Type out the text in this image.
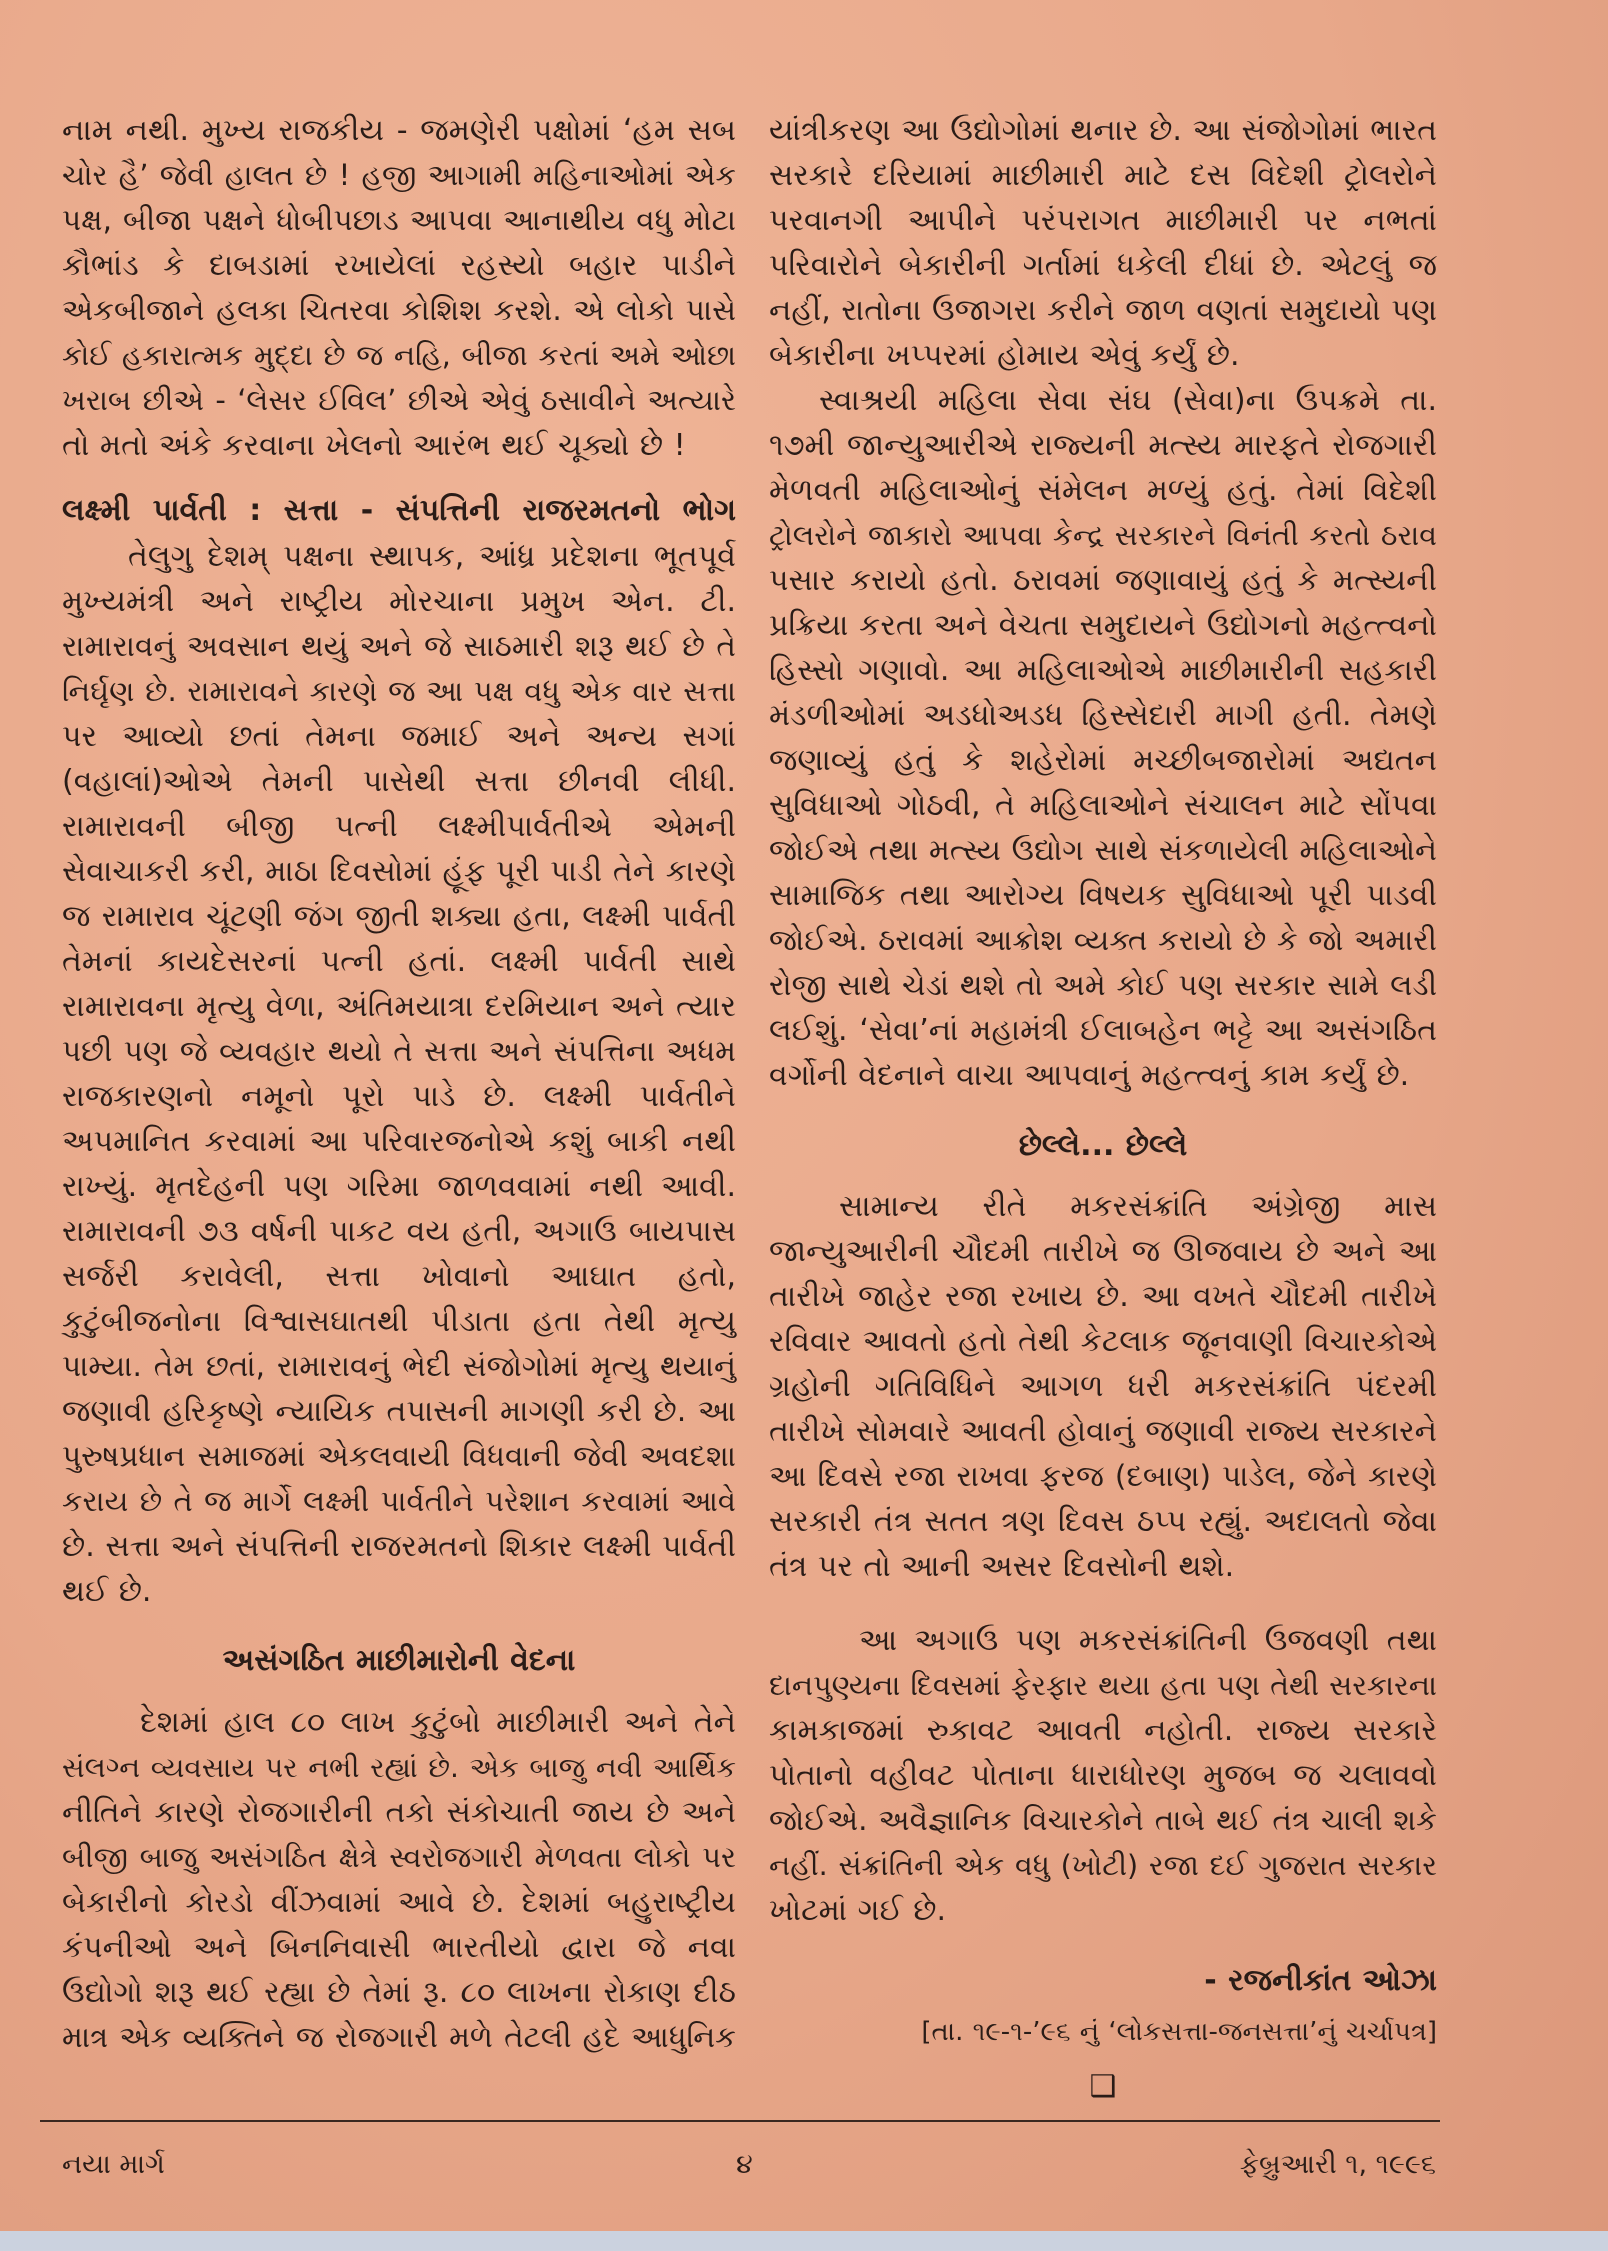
નામ નથી. મુખ્ય રાજકીય - જમણેરી પક્ષોમાં ‘હમ સબ
ચોર હૈ’ જેવી હાલત છે ! હજી આગામી મહિનાઓમાં એક
પક્ષ, બીજા પક્ષને ધોબીપછાડ આપવા આનાથીય વધુ મોટા
કૌભાંડ કે દાબડામાં રખાયેલાં રહસ્યો બહાર પાડીને
એકબીજાને હલકા ચિતરવા કોશિશ કરશે. એ લોકો પાસે
કોઈ હકારાત્મક મુદ્દા છે જ નહિ, બીજા કરતાં અમે ઓછા
ખરાબ છીએ - ‘લેસર ઈવિલ’ છીએ એવું ઠસાવીને અત્યારે
તો મતો અંકે કરવાના ખેલનો આરંભ થઈ ચૂક્યો છે !
લક્ષ્મી પાર્વતી : સત્તા - સંપત્તિની રાજરમતનો ભોગ
તેલુગુ દેશમ્ પક્ષના સ્થાપક, આંધ્ર પ્રદેશના ભૂતપૂર્વ
મુખ્યમંત્રી અને રાષ્ટ્રીય મોરચાના પ્રમુખ એન. ટી.
રામારાવનું અવસાન થયું અને જે સાઠમારી શરૂ થઈ છે તે
નિર્ઘૃણ છે. રામારાવને કારણે જ આ પક્ષ વધુ એક વાર સત્તા
પર આવ્યો છતાં તેમના જમાઈ અને અન્ય સગાં
(વહાલાં)ઓએ તેમની પાસેથી સત્તા છીનવી લીધી.
રામારાવની બીજી પત્ની લક્ષ્મીપાર્વતીએ એમની
સેવાચાકરી કરી, માઠા દિવસોમાં હૂંફ પૂરી પાડી તેને કારણે
જ રામારાવ ચૂંટણી જંગ જીતી શક્યા હતા, લક્ષ્મી પાર્વતી
તેમનાં કાયદેસરનાં પત્ની હતાં. લક્ષ્મી પાર્વતી સાથે
રામારાવના મૃત્યુ વેળા, અંતિમયાત્રા દરમિયાન અને ત્યાર
પછી પણ જે વ્યવહાર થયો તે સત્તા અને સંપત્તિના અધમ
રાજકારણનો નમૂનો પૂરો પાડે છે. લક્ષ્મી પાર્વતીને
અપમાનિત કરવામાં આ પરિવારજનોએ કશું બાકી નથી
રાખ્યું. મૃતદેહની પણ ગરિમા જાળવવામાં નથી આવી.
રામારાવની ૭૩ વર્ષની પાકટ વય હતી, અગાઉ બાયપાસ
સર્જરી કરાવેલી, સત્તા ખોવાનો આઘાત હતો,
કુટુંબીજનોના વિશ્વાસઘાતથી પીડાતા હતા તેથી મૃત્યુ
પામ્યા. તેમ છતાં, રામારાવનું ભેદી સંજોગોમાં મૃત્યુ થયાનું
જણાવી હરિકૃષ્ણે ન્યાયિક તપાસની માગણી કરી છે. આ
પુરુષપ્રધાન સમાજમાં એકલવાયી વિધવાની જેવી અવદશા
કરાય છે તે જ માર્ગે લક્ષ્મી પાર્વતીને પરેશાન કરવામાં આવે
છે. સત્તા અને સંપત્તિની રાજરમતનો શિકાર લક્ષ્મી પાર્વતી
થઈ છે.
અસંગઠિત માછીમારોની વેદના
દેશમાં હાલ ૮૦ લાખ કુટુંબો માછીમારી અને તેને
સંલગ્ન વ્યવસાય પર નભી રહ્યાં છે. એક બાજુ નવી આર્થિક
નીતિને કારણે રોજગારીની તકો સંકોચાતી જાય છે અને
બીજી બાજુ અસંગઠિત ક્ષેત્રે સ્વરોજગારી મેળવતા લોકો પર
બેકારીનો કોરડો વીંઝવામાં આવે છે. દેશમાં બહુરાષ્ટ્રીય
કંપનીઓ અને બિનનિવાસી ભારતીયો દ્વારા જે નવા
ઉદ્યોગો શરૂ થઈ રહ્યા છે તેમાં રૂ. ૮૦ લાખના રોકાણ દીઠ
માત્ર એક વ્યક્તિને જ રોજગારી મળે તેટલી હદે આધુનિક
યાંત્રીકરણ આ ઉદ્યોગોમાં થનાર છે. આ સંજોગોમાં ભારત
સરકારે દરિયામાં માછીમારી માટે દસ વિદેશી ટ્રોલરોને
પરવાનગી આપીને પરંપરાગત માછીમારી પર નભતાં
પરિવારોને બેકારીની ગર્તામાં ધકેલી દીધાં છે. એટલું જ
નહીં, રાતોના ઉજાગરા કરીને જાળ વણતાં સમુદાયો પણ
બેકારીના ખપ્પરમાં હોમાય એવું કર્યું છે.
સ્વાશ્રયી મહિલા સેવા સંઘ (સેવા)ના ઉપક્રમે તા.
૧૭મી જાન્યુઆરીએ રાજ્યની મત્સ્ય મારફતે રોજગારી
મેળવતી મહિલાઓનું સંમેલન મળ્યું હતું. તેમાં વિદેશી
ટ્રોલરોને જાકારો આપવા કેન્દ્ર સરકારને વિનંતી કરતો ઠરાવ
પસાર કરાયો હતો. ઠરાવમાં જણાવાયું હતું કે મત્સ્યની
પ્રક્રિયા કરતા અને વેચતા સમુદાયને ઉદ્યોગનો મહત્ત્વનો
હિસ્સો ગણાવો. આ મહિલાઓએ માછીમારીની સહકારી
મંડળીઓમાં અડધોઅડધ હિસ્સેદારી માગી હતી. તેમણે
જણાવ્યું હતું કે શહેરોમાં મચ્છીબજારોમાં અદ્યતન
સુવિધાઓ ગોઠવી, તે મહિલાઓને સંચાલન માટે સોંપવા
જોઈએ તથા મત્સ્ય ઉદ્યોગ સાથે સંકળાયેલી મહિલાઓને
સામાજિક તથા આરોગ્ય વિષયક સુવિધાઓ પૂરી પાડવી
જોઈએ. ઠરાવમાં આક્રોશ વ્યક્ત કરાયો છે કે જો અમારી
રોજી સાથે ચેડાં થશે તો અમે કોઈ પણ સરકાર સામે લડી
લઈશું. ‘સેવા’નાં મહામંત્રી ઈલાબહેન ભટ્ટે આ અસંગઠિત
વર્ગોની વેદનાને વાચા આપવાનું મહત્ત્વનું કામ કર્યું છે.
છેલ્લે... છેલ્લે
સામાન્ય રીતે મકરસંક્રાંતિ અંગ્રેજી માસ
જાન્યુઆરીની ચૌદમી તારીખે જ ઊજવાય છે અને આ
તારીખે જાહેર રજા રખાય છે. આ વખતે ચૌદમી તારીખે
રવિવાર આવતો હતો તેથી કેટલાક જૂનવાણી વિચારકોએ
ગ્રહોની ગતિવિધિને આગળ ધરી મકરસંક્રાંતિ પંદરમી
તારીખે સોમવારે આવતી હોવાનું જણાવી રાજ્ય સરકારને
આ દિવસે રજા રાખવા ફરજ (દબાણ) પાડેલ, જેને કારણે
સરકારી તંત્ર સતત ત્રણ દિવસ ઠપ્પ રહ્યું. અદાલતો જેવા
તંત્ર પર તો આની અસર દિવસોની થશે.
આ અગાઉ પણ મકરસંક્રાંતિની ઉજવણી તથા
દાનપુણ્યના દિવસમાં ફેરફાર થયા હતા પણ તેથી સરકારના
કામકાજમાં રુકાવટ આવતી નહોતી. રાજ્ય સરકારે
પોતાનો વહીવટ પોતાના ધારાધોરણ મુજબ જ ચલાવવો
જોઈએ. અવૈજ્ઞાનિક વિચારકોને તાબે થઈ તંત્ર ચાલી શકે
નહીં. સંક્રાંતિની એક વધુ (ખોટી) રજા દઈ ગુજરાત સરકાર
ખોટમાં ગઈ છે.
- રજનીકાંત ઓઝા
[તા. ૧૯-૧-’૯૬ નું ‘લોકસત્તા-જનસત્તા’નું ચર્ચાપત્ર]
❑
નયા માર્ગ	૪	ફેબ્રુઆરી ૧, ૧૯૯૬
